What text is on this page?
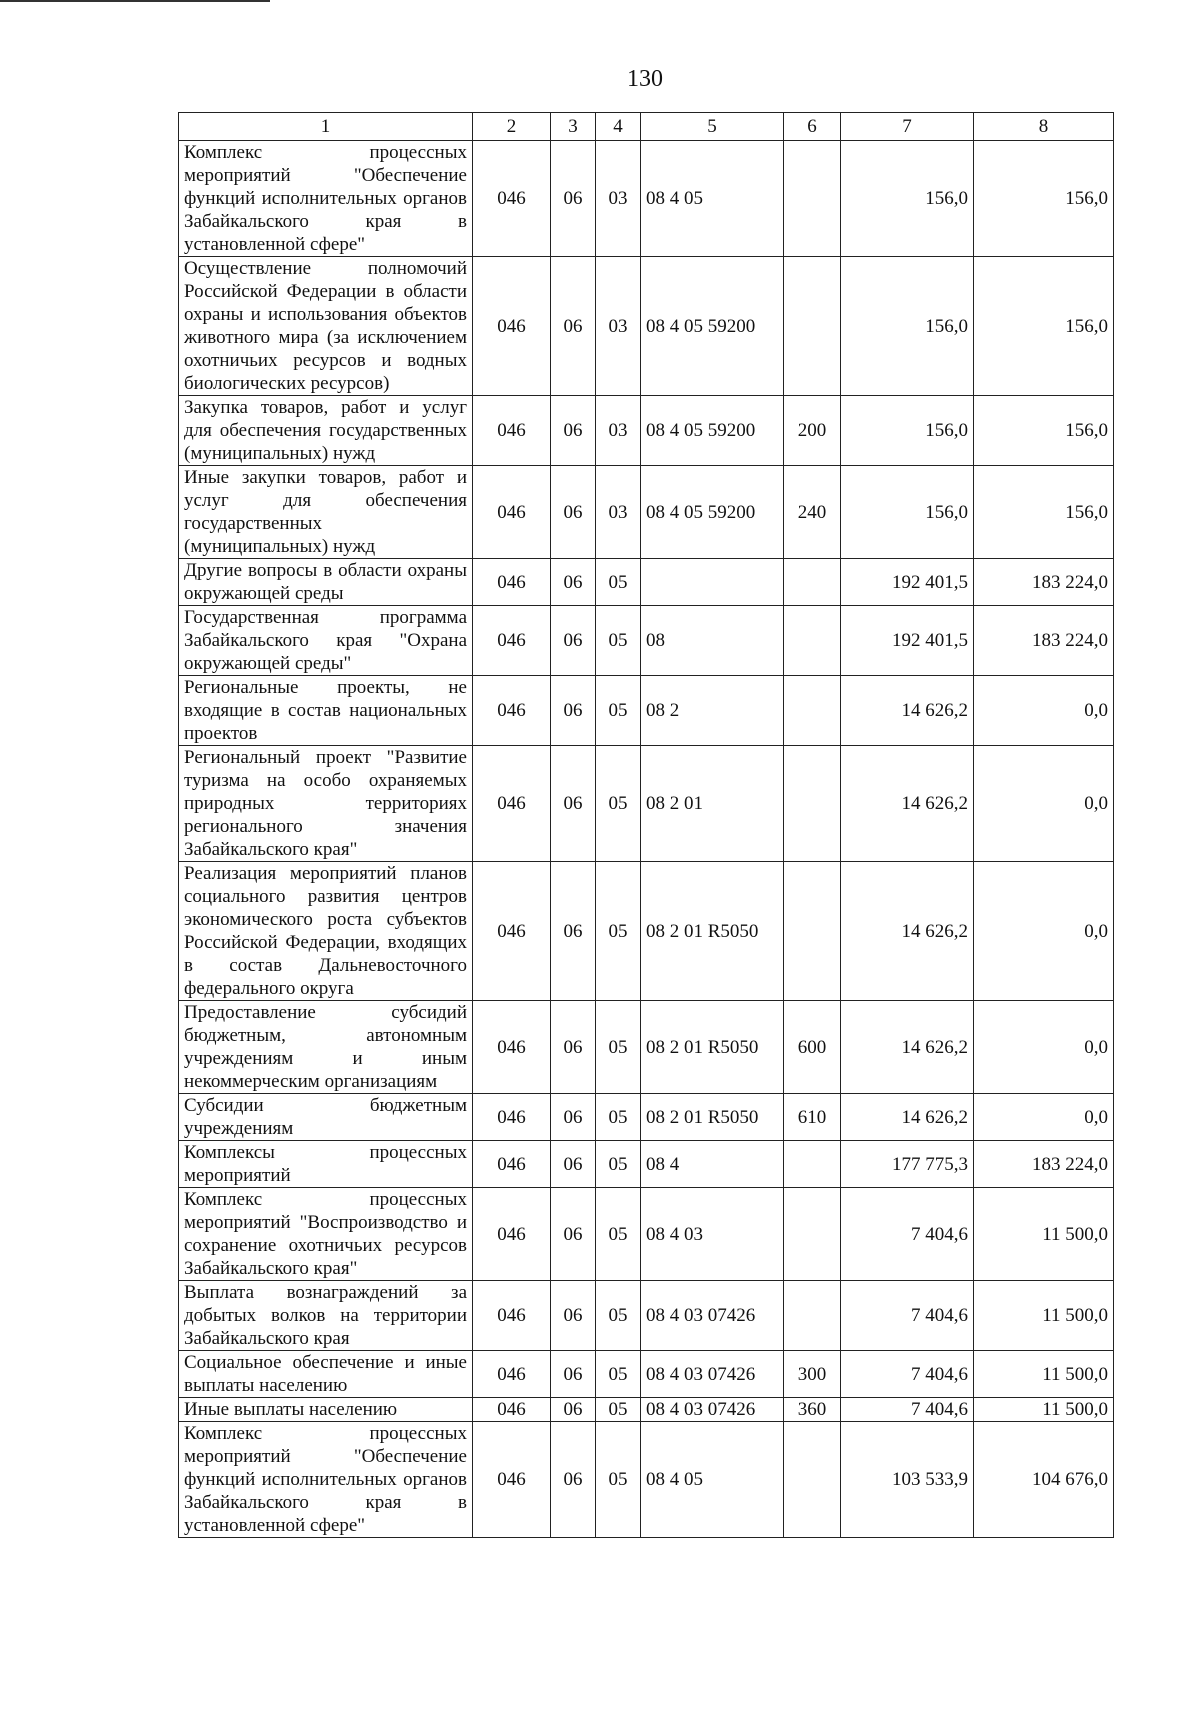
130
1	2	3	4	5	6	7	8
Комплекс процессных мероприятий "Обеспечение функций исполнительных органов Забайкальского края в установленной сфере"	046	06	03	08 4 05		156,0	156,0
Осуществление полномочий Российской Федерации в области охраны и использования объектов животного мира (за исключением охотничьих ресурсов и водных биологических ресурсов)	046	06	03	08 4 05 59200		156,0	156,0
Закупка товаров, работ и услуг для обеспечения государственных (муниципальных) нужд	046	06	03	08 4 05 59200	200	156,0	156,0
Иные закупки товаров, работ и услуг для обеспечения государственных (муниципальных) нужд	046	06	03	08 4 05 59200	240	156,0	156,0
Другие вопросы в области охраны окружающей среды	046	06	05			192 401,5	183 224,0
Государственная программа Забайкальского края "Охрана окружающей среды"	046	06	05	08		192 401,5	183 224,0
Региональные проекты, не входящие в состав национальных проектов	046	06	05	08 2		14 626,2	0,0
Региональный проект "Развитие туризма на особо охраняемых природных территориях регионального значения Забайкальского края"	046	06	05	08 2 01		14 626,2	0,0
Реализация мероприятий планов социального развития центров экономического роста субъектов Российской Федерации, входящих в состав Дальневосточного федерального округа	046	06	05	08 2 01 R5050		14 626,2	0,0
Предоставление субсидий бюджетным, автономным учреждениям и иным некоммерческим организациям	046	06	05	08 2 01 R5050	600	14 626,2	0,0
Субсидии бюджетным учреждениям	046	06	05	08 2 01 R5050	610	14 626,2	0,0
Комплексы процессных мероприятий	046	06	05	08 4		177 775,3	183 224,0
Комплекс процессных мероприятий "Воспроизводство и сохранение охотничьих ресурсов Забайкальского края"	046	06	05	08 4 03		7 404,6	11 500,0
Выплата вознаграждений за добытых волков на территории Забайкальского края	046	06	05	08 4 03 07426		7 404,6	11 500,0
Социальное обеспечение и иные выплаты населению	046	06	05	08 4 03 07426	300	7 404,6	11 500,0
Иные выплаты населению	046	06	05	08 4 03 07426	360	7 404,6	11 500,0
Комплекс процессных мероприятий "Обеспечение функций исполнительных органов Забайкальского края в установленной сфере"	046	06	05	08 4 05		103 533,9	104 676,0
